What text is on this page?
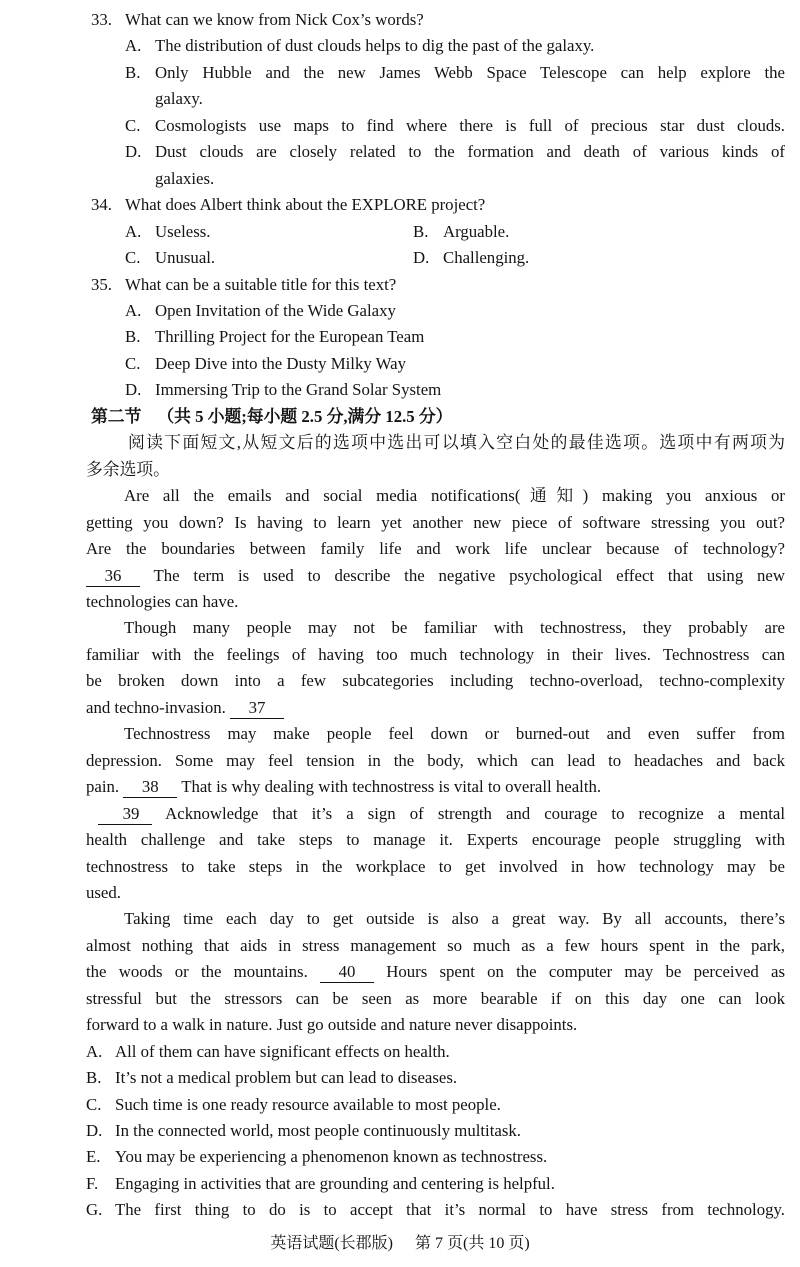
33. What can we know from Nick Cox’s words?
A. The distribution of dust clouds helps to dig the past of the galaxy.
B. Only Hubble and the new James Webb Space Telescope can help explore the
galaxy.
C. Cosmologists use maps to find where there is full of precious star dust clouds.
D. Dust clouds are closely related to the formation and death of various kinds of
galaxies.
34. What does Albert think about the EXPLORE project?
A. Useless.	B. Arguable.
C. Unusual.	D. Challenging.
35. What can be a suitable title for this text?
A. Open Invitation of the Wide Galaxy
B. Thrilling Project for the European Team
C. Deep Dive into the Dusty Milky Way
D. Immersing Trip to the Grand Solar System
第二节 （共 5 小题;每小题 2.5 分,满分 12.5 分）
阅读下面短文,从短文后的选项中选出可以填入空白处的最佳选项。选项中有两项为
多余选项。
Are all the emails and social media notifications(通知) making you anxious or
getting you down? Is having to learn yet another new piece of software stressing you out?
Are the boundaries between family life and work life unclear because of technology?
36 The term is used to describe the negative psychological effect that using new
technologies can have.
Though many people may not be familiar with technostress, they probably are
familiar with the feelings of having too much technology in their lives. Technostress can
be broken down into a few subcategories including techno-overload, techno-complexity
and techno-invasion. 37
Technostress may make people feel down or burned-out and even suffer from
depression. Some may feel tension in the body, which can lead to headaches and back
pain. 38 That is why dealing with technostress is vital to overall health.
39 Acknowledge that it’s a sign of strength and courage to recognize a mental
health challenge and take steps to manage it. Experts encourage people struggling with
technostress to take steps in the workplace to get involved in how technology may be
used.
Taking time each day to get outside is also a great way. By all accounts, there’s
almost nothing that aids in stress management so much as a few hours spent in the park,
the woods or the mountains. 40 Hours spent on the computer may be perceived as
stressful but the stressors can be seen as more bearable if on this day one can look
forward to a walk in nature. Just go outside and nature never disappoints.
A. All of them can have significant effects on health.
B. It’s not a medical problem but can lead to diseases.
C. Such time is one ready resource available to most people.
D. In the connected world, most people continuously multitask.
E. You may be experiencing a phenomenon known as technostress.
F. Engaging in activities that are grounding and centering is helpful.
G. The first thing to do is to accept that it’s normal to have stress from technology.
英语试题(长郡版) 第 7 页(共 10 页)
